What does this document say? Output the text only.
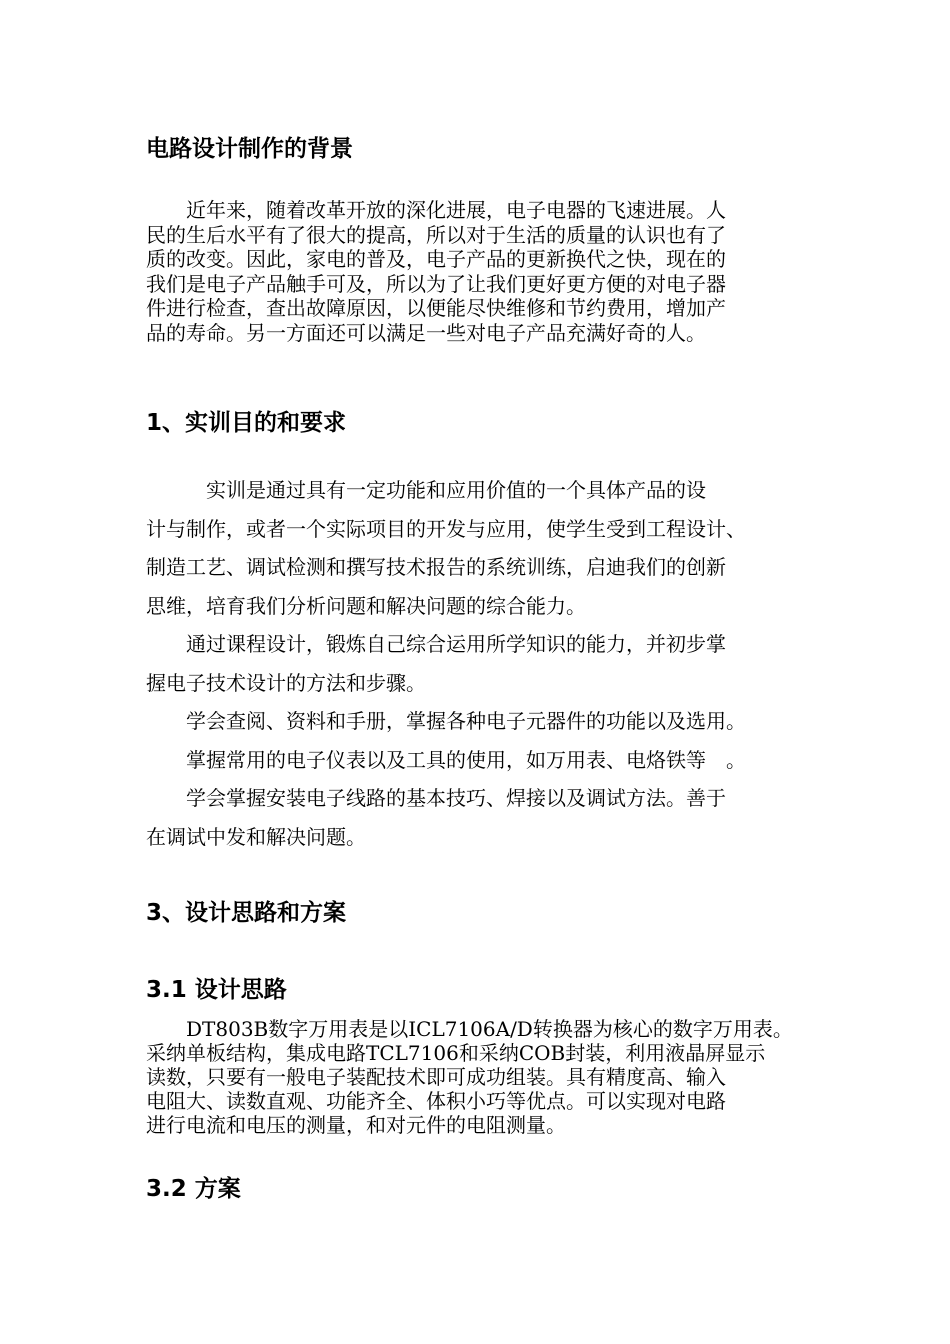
电路设计制作的背景
　　近年来，随着改革开放的深化进展，电子电器的飞速进展。人
民的生后水平有了很大的提高，所以对于生活的质量的认识也有了
质的改变。因此，家电的普及，电子产品的更新换代之快，现在的
我们是电子产品触手可及，所以为了让我们更好更方便的对电子器
件进行检查，查出故障原因，以便能尽快维修和节约费用，增加产
品的寿命。另一方面还可以满足一些对电子产品充满好奇的人。
1、实训目的和要求
　　　实训是通过具有一定功能和应用价值的一个具体产品的设
计与制作，或者一个实际项目的开发与应用，使学生受到工程设计、
制造工艺、调试检测和撰写技术报告的系统训练，启迪我们的创新
思维，培育我们分析问题和解决问题的综合能力。
　　通过课程设计，锻炼自己综合运用所学知识的能力，并初步掌
握电子技术设计的方法和步骤。
　　学会查阅、资料和手册，掌握各种电子元器件的功能以及选用。
　　掌握常用的电子仪表以及工具的使用，如万用表、电烙铁等　。
　　学会掌握安装电子线路的基本技巧、焊接以及调试方法。善于
在调试中发和解决问题。
3、设计思路和方案
3.1 设计思路
　　DT803B数字万用表是以ICL7106A/D转换器为核心的数字万用表。
采纳单板结构，集成电路TCL7106和采纳COB封装，利用液晶屏显示
读数，只要有一般电子装配技术即可成功组装。具有精度高、输入
电阻大、读数直观、功能齐全、体积小巧等优点。可以实现对电路
进行电流和电压的测量，和对元件的电阻测量。
3.2 方案
